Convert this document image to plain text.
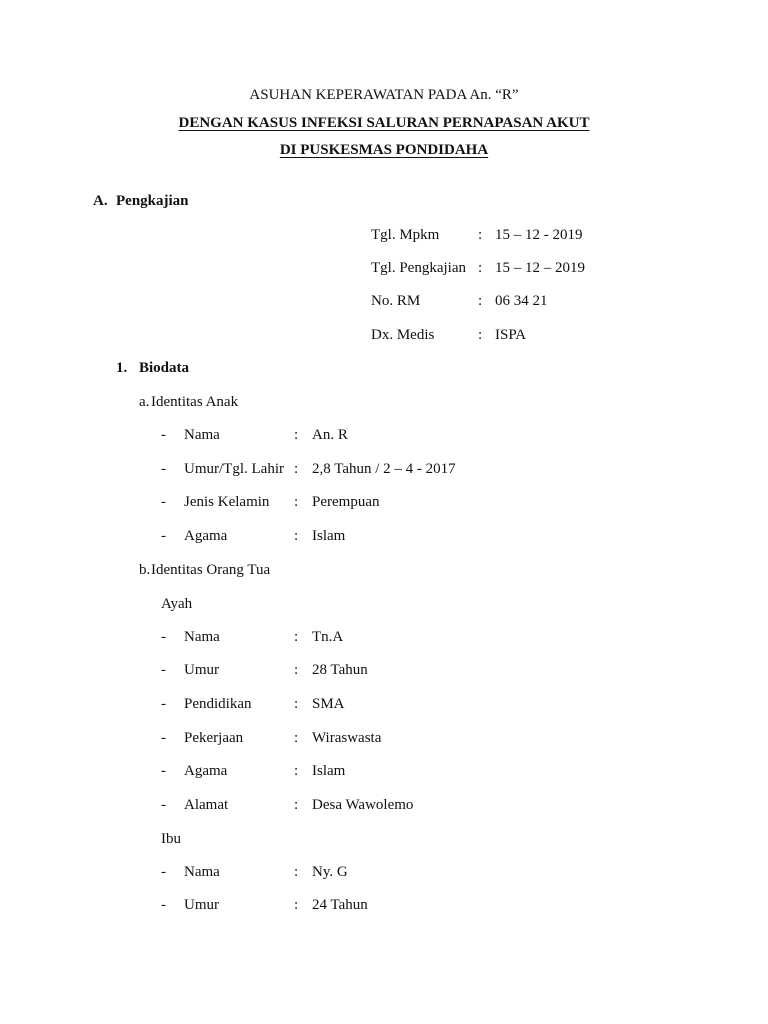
ASUHAN KEPERAWATAN PADA An. “R”
DENGAN KASUS INFEKSI SALURAN PERNAPASAN AKUT
DI PUSKESMAS PONDIDAHA
A. Pengkajian
Tgl. Mpkm	: 15 – 12 - 2019
Tgl. Pengkajian : 15 – 12 – 2019
No. RM	: 06 34 21
Dx. Medis	: ISPA
1. Biodata
a. Identitas Anak
- Nama	: An. R
- Umur/Tgl. Lahir : 2,8 Tahun / 2 – 4 - 2017
- Jenis Kelamin : Perempuan
- Agama	: Islam
b. Identitas Orang Tua
Ayah
- Nama	: Tn.A
- Umur	: 28 Tahun
- Pendidikan	: SMA
- Pekerjaan	: Wiraswasta
- Agama	: Islam
- Alamat	: Desa Wawolemo
Ibu
- Nama	: Ny. G
- Umur	: 24 Tahun
